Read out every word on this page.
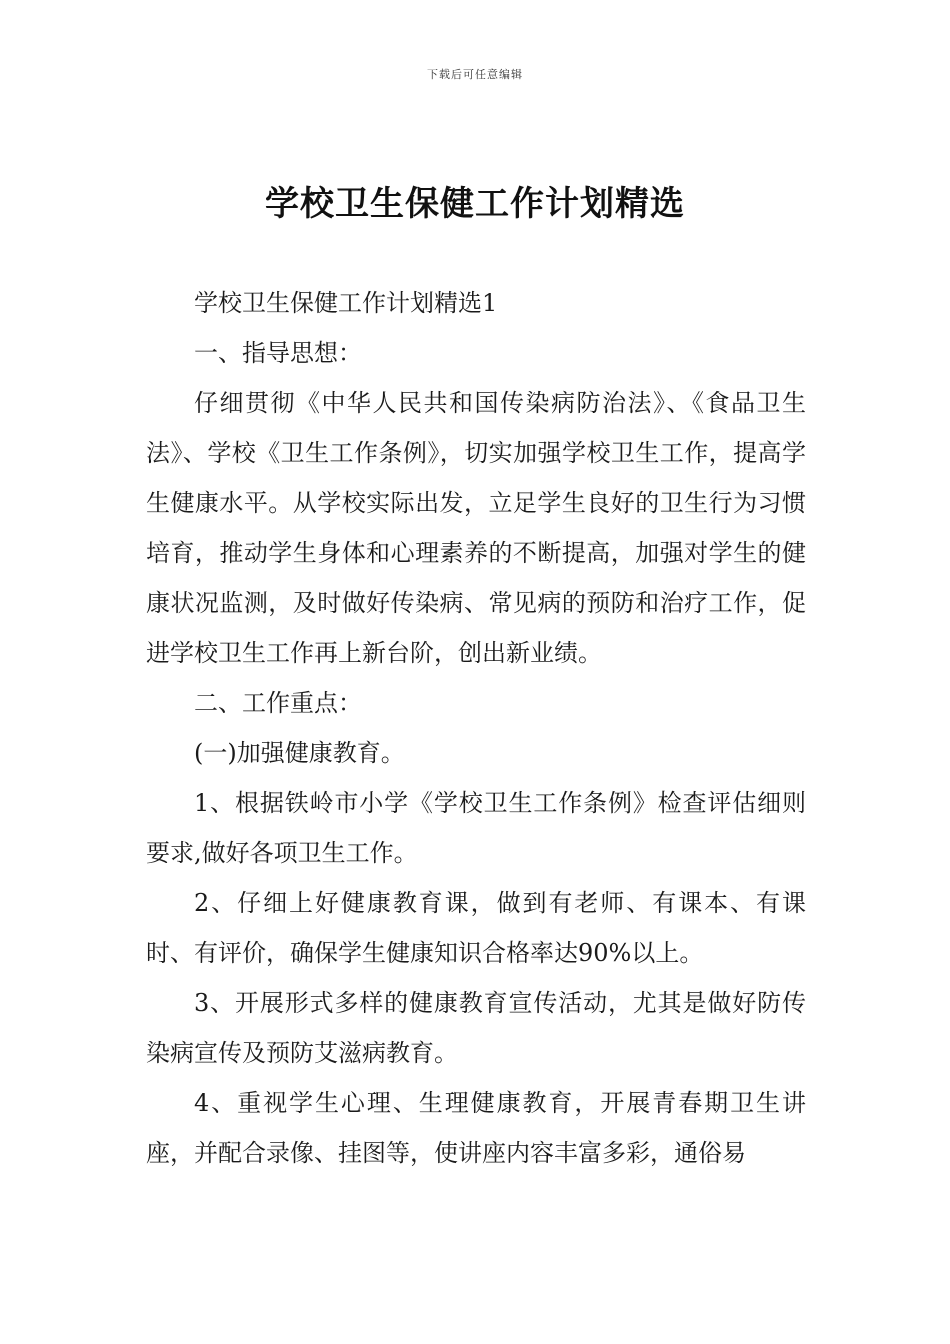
下载后可任意编辑
学校卫生保健工作计划精选

学校卫生保健工作计划精选1

一、指导思想：

仔细贯彻《中华人民共和国传染病防治法》、《食品卫生法》、学校《卫生工作条例》，切实加强学校卫生工作，提高学生健康水平。从学校实际出发，立足学生良好的卫生行为习惯培育，推动学生身体和心理素养的不断提高，加强对学生的健康状况监测，及时做好传染病、常见病的预防和治疗工作，促进学校卫生工作再上新台阶，创出新业绩。

二、工作重点：

(一)加强健康教育。

1、根据铁岭市小学《学校卫生工作条例》检查评估细则要求,做好各项卫生工作。

2、仔细上好健康教育课，做到有老师、有课本、有课时、有评价，确保学生健康知识合格率达90%以上。

3、开展形式多样的健康教育宣传活动，尤其是做好防传染病宣传及预防艾滋病教育。

4、重视学生心理、生理健康教育，开展青春期卫生讲座，并配合录像、挂图等，使讲座内容丰富多彩，通俗易
